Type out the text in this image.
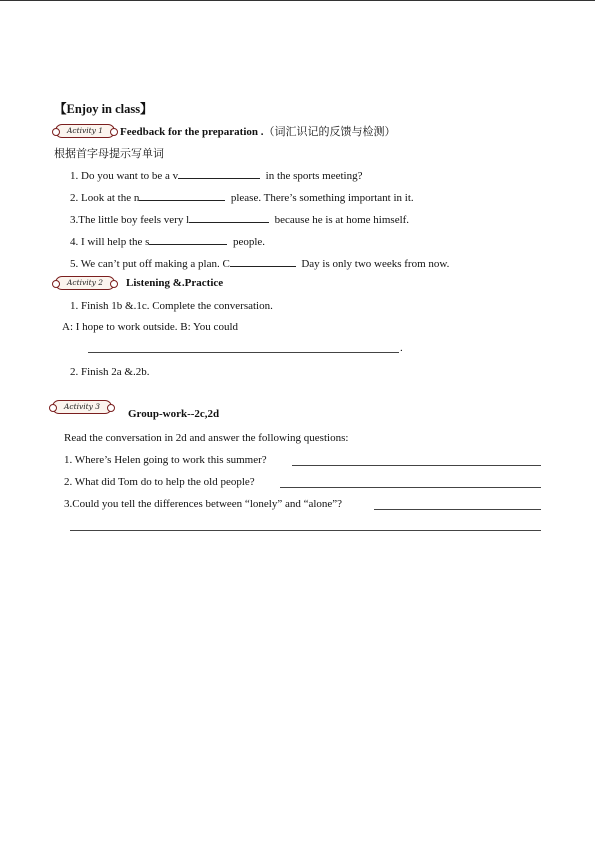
【Enjoy in class】
Activity 1	Feedback for the preparation .（词汇识记的反馈与检测）
根据首字母提示写单词
1. Do you want to be a v	in the sports meeting?
2. Look at the n	please. There’s something important in it.
3.The little boy feels very l	because he is at home himself.
4. I will help the s	people.
5. We can’t put off making a plan. C	Day is only two weeks from now.
Activity 2	Listening &.Practice
1. Finish 1b &.1c. Complete the conversation.
A: I hope to work outside. B: You could
.
2. Finish 2a &.2b.
Activity 3
Group-work--2c,2d
Read the conversation in 2d and answer the following questions:
1. Where’s Helen going to work this summer?
2. What did Tom do to help the old people?
3.Could you tell the differences between “lonely” and “alone”?
